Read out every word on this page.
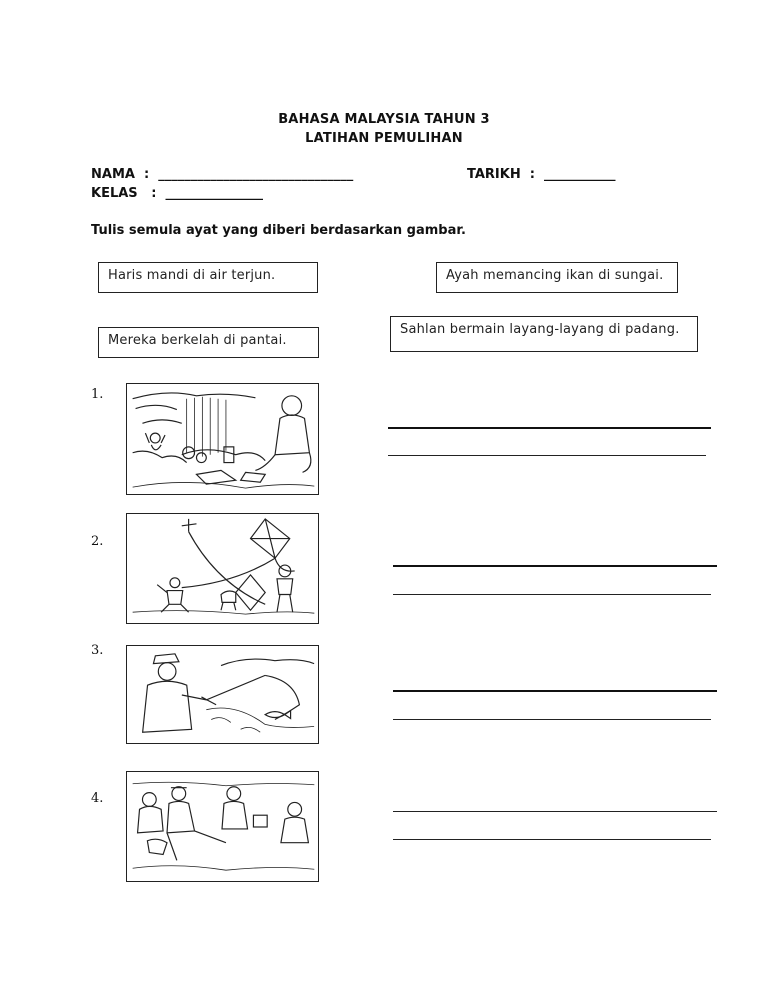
BAHASA MALAYSIA TAHUN 3
LATIHAN PEMULIHAN
NAMA  :  ______________________________	TARIKH  :  ___________
KELAS   :  _______________
Tulis semula ayat yang diberi berdasarkan gambar.
Haris mandi di air terjun.	Ayah memancing ikan di sungai.
Mereka berkelah di pantai.
Sahlan bermain layang-layang di padang.
1.
2.
3.
4.
